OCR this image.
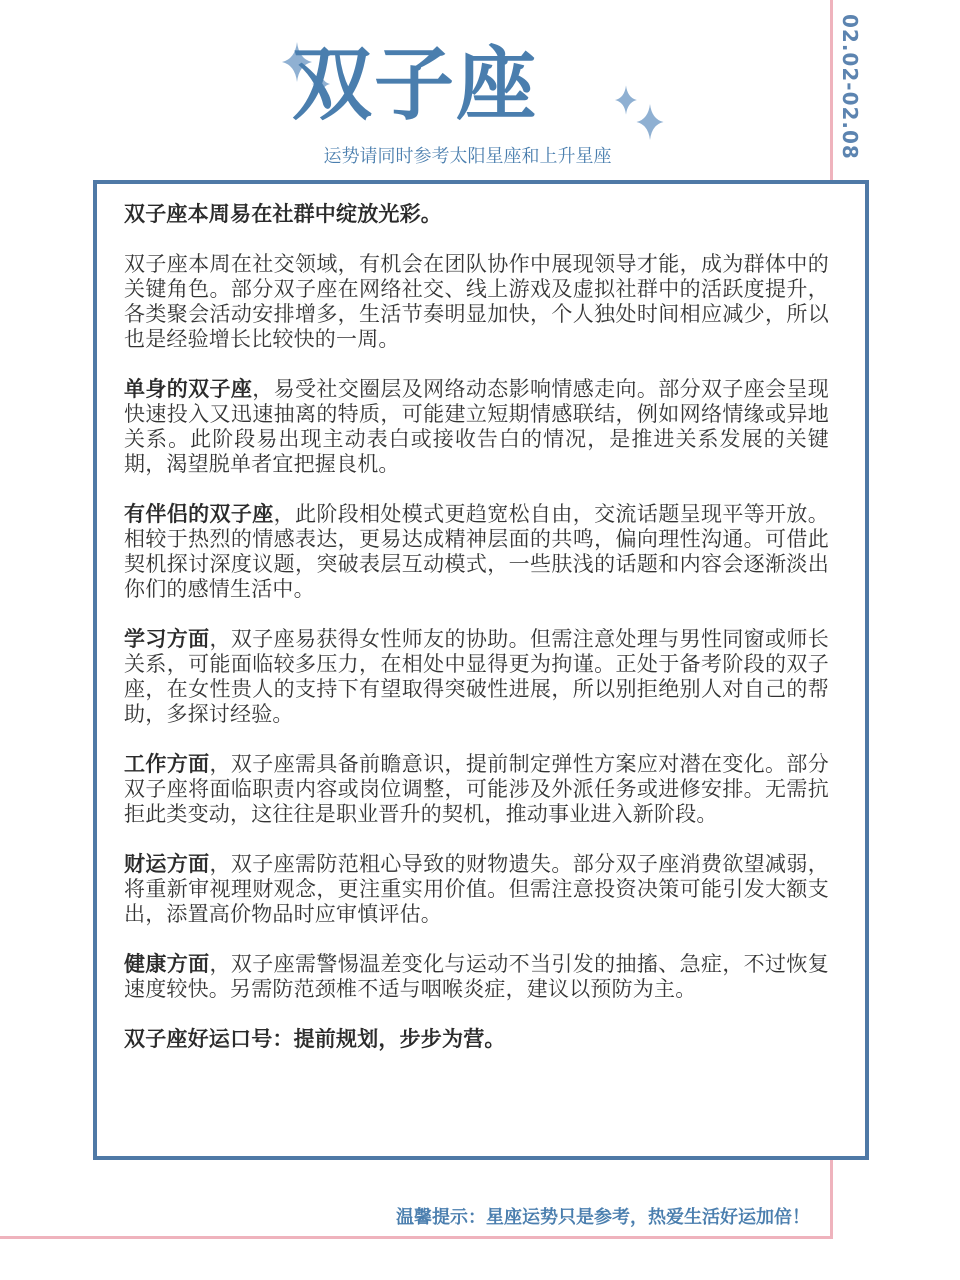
双子座
运势请同时参考太阳星座和上升星座	02.02-02.08

双子座本周易在社群中绽放光彩。

双子座本周在社交领域，有机会在团队协作中展现领导才能，成为群体中的关键角色。部分双子座在网络社交、线上游戏及虚拟社群中的活跃度提升，各类聚会活动安排增多，生活节奏明显加快，个人独处时间相应减少，所以也是经验增长比较快的一周。

单身的双子座，易受社交圈层及网络动态影响情感走向。部分双子座会呈现快速投入又迅速抽离的特质，可能建立短期情感联结，例如网络情缘或异地关系。此阶段易出现主动表白或接收告白的情况，是推进关系发展的关键期，渴望脱单者宜把握良机。

有伴侣的双子座，此阶段相处模式更趋宽松自由，交流话题呈现平等开放。相较于热烈的情感表达，更易达成精神层面的共鸣，偏向理性沟通。可借此契机探讨深度议题，突破表层互动模式，一些肤浅的话题和内容会逐渐淡出你们的感情生活中。

学习方面，双子座易获得女性师友的协助。但需注意处理与男性同窗或师长关系，可能面临较多压力，在相处中显得更为拘谨。正处于备考阶段的双子座，在女性贵人的支持下有望取得突破性进展，所以别拒绝别人对自己的帮助，多探讨经验。

工作方面，双子座需具备前瞻意识，提前制定弹性方案应对潜在变化。部分双子座将面临职责内容或岗位调整，可能涉及外派任务或进修安排。无需抗拒此类变动，这往往是职业晋升的契机，推动事业进入新阶段。

财运方面，双子座需防范粗心导致的财物遗失。部分双子座消费欲望减弱，将重新审视理财观念，更注重实用价值。但需注意投资决策可能引发大额支出，添置高价物品时应审慎评估。

健康方面，双子座需警惕温差变化与运动不当引发的抽搐、急症，不过恢复速度较快。另需防范颈椎不适与咽喉炎症，建议以预防为主。

双子座好运口号：提前规划，步步为营。

温馨提示：星座运势只是参考，热爱生活好运加倍！
